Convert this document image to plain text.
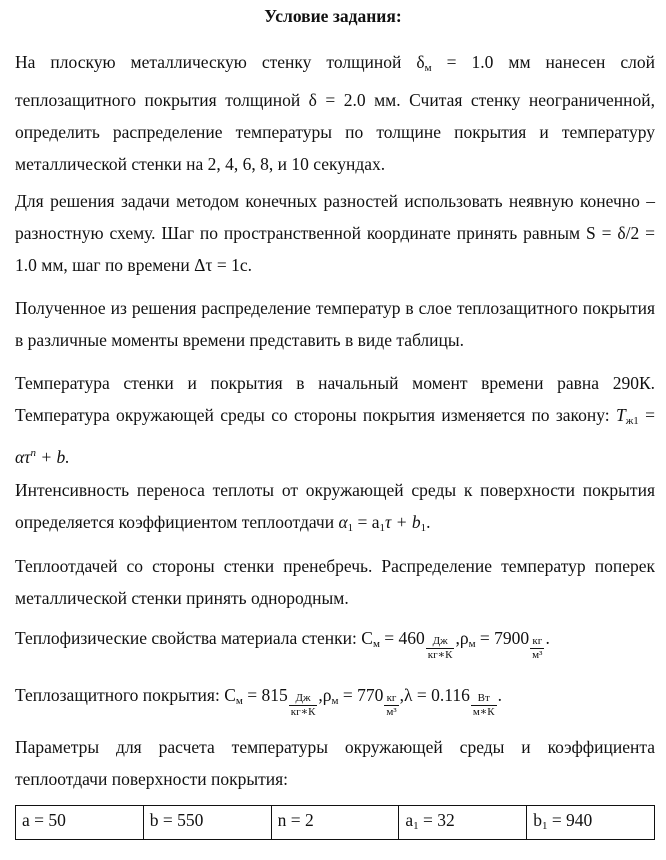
Условие задания:
На плоскую металлическую стенку толщиной $\delta_м = 1.0$ мм нанесен слой теплозащитного покрытия толщиной δ = 2.0 мм. Считая стенку неограниченной, определить распределение температуры по толщине покрытия и температуру металлической стенки на 2, 4, 6, 8, и 10 секундах.
Для решения задачи методом конечных разностей использовать неявную конечно – разностную схему. Шаг по пространственной координате принять равным S = δ/2 = 1.0 мм, шаг по времени Δτ = 1с.
Полученное из решения распределение температур в слое теплозащитного покрытия в различные моменты времени представить в виде таблицы.
Температура стенки и покрытия в начальный момент времени равна 290К. Температура окружающей среды со стороны покрытия изменяется по закону: $T_{ж1} = \alpha\tau^n + b$.
Интенсивность переноса теплоты от окружающей среды к поверхности покрытия определяется коэффициентом теплоотдачи $\alpha_1 = a_1\tau + b_1$.
Теплоотдачей со стороны стенки пренебречь. Распределение температур поперек металлической стенки принять однородным.
Теплофизические свойства материала стенки: $С_м = 460 \frac{Дж}{кг∗К} ,\rho_м = 7900 \frac{кг}{\text{м³}}$ .
Теплозащитного покрытия: $С_м = 815 \frac{Дж}{кг∗К} ,\rho_м = 770 \frac{кг}{\text{м³}} ,\lambda = 0.116 \frac{Вт}{м∗К}$ .
Параметры для расчета температуры окружающей среды и коэффициента теплоотдачи поверхности покрытия:
a = 50	b = 550	n = 2	$a_1 = 32$	$b_1 = 940$
